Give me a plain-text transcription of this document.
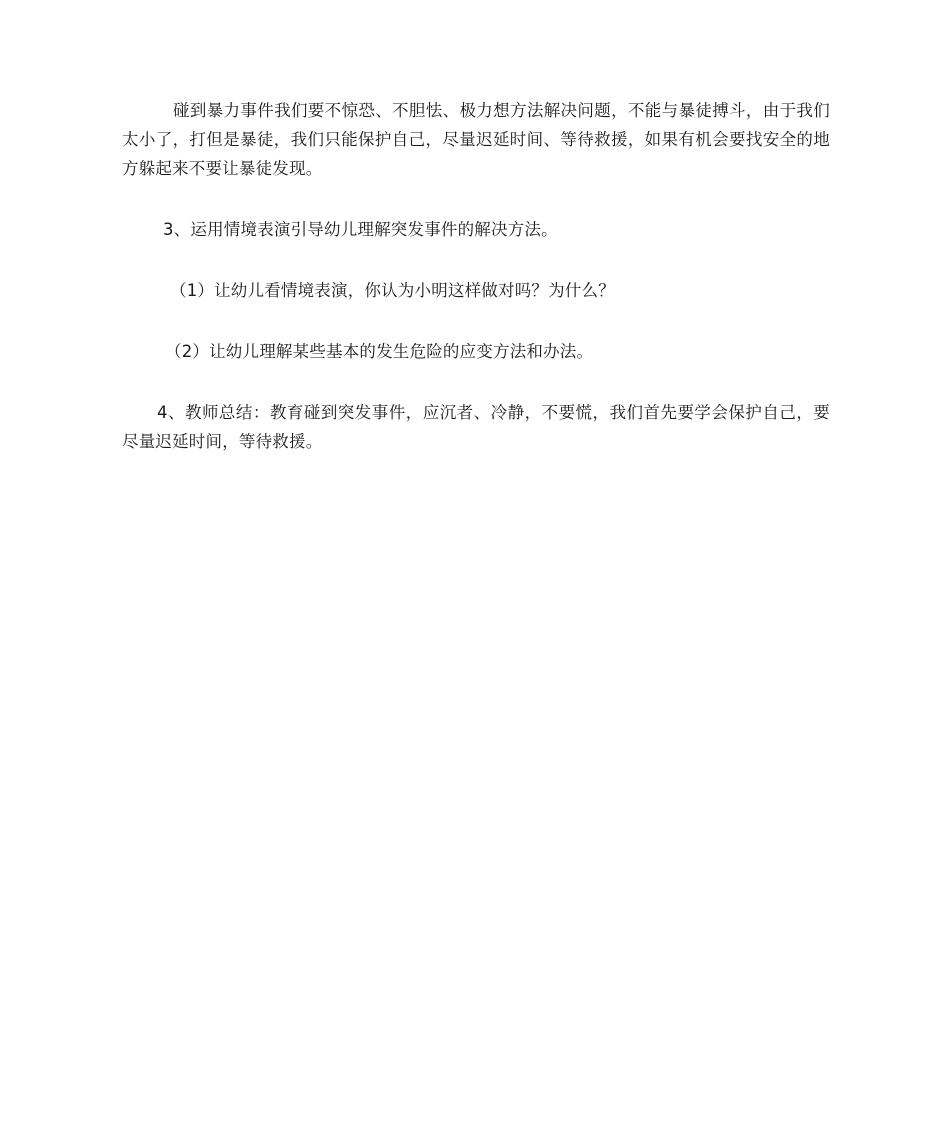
碰到暴力事件我们要不惊恐、不胆怯、极力想方法解决问题，不能与暴徒搏斗，由于我们太小了，打但是暴徒，我们只能保护自己，尽量迟延时间、等待救援，如果有机会要找安全的地方躲起来不要让暴徒发现。

3、运用情境表演引导幼儿理解突发事件的解决方法。

（1）让幼儿看情境表演，你认为小明这样做对吗？为什么？

（2）让幼儿理解某些基本的发生危险的应变方法和办法。

4、教师总结：教育碰到突发事件，应沉者、冷静，不要慌，我们首先要学会保护自己，要尽量迟延时间，等待救援。
